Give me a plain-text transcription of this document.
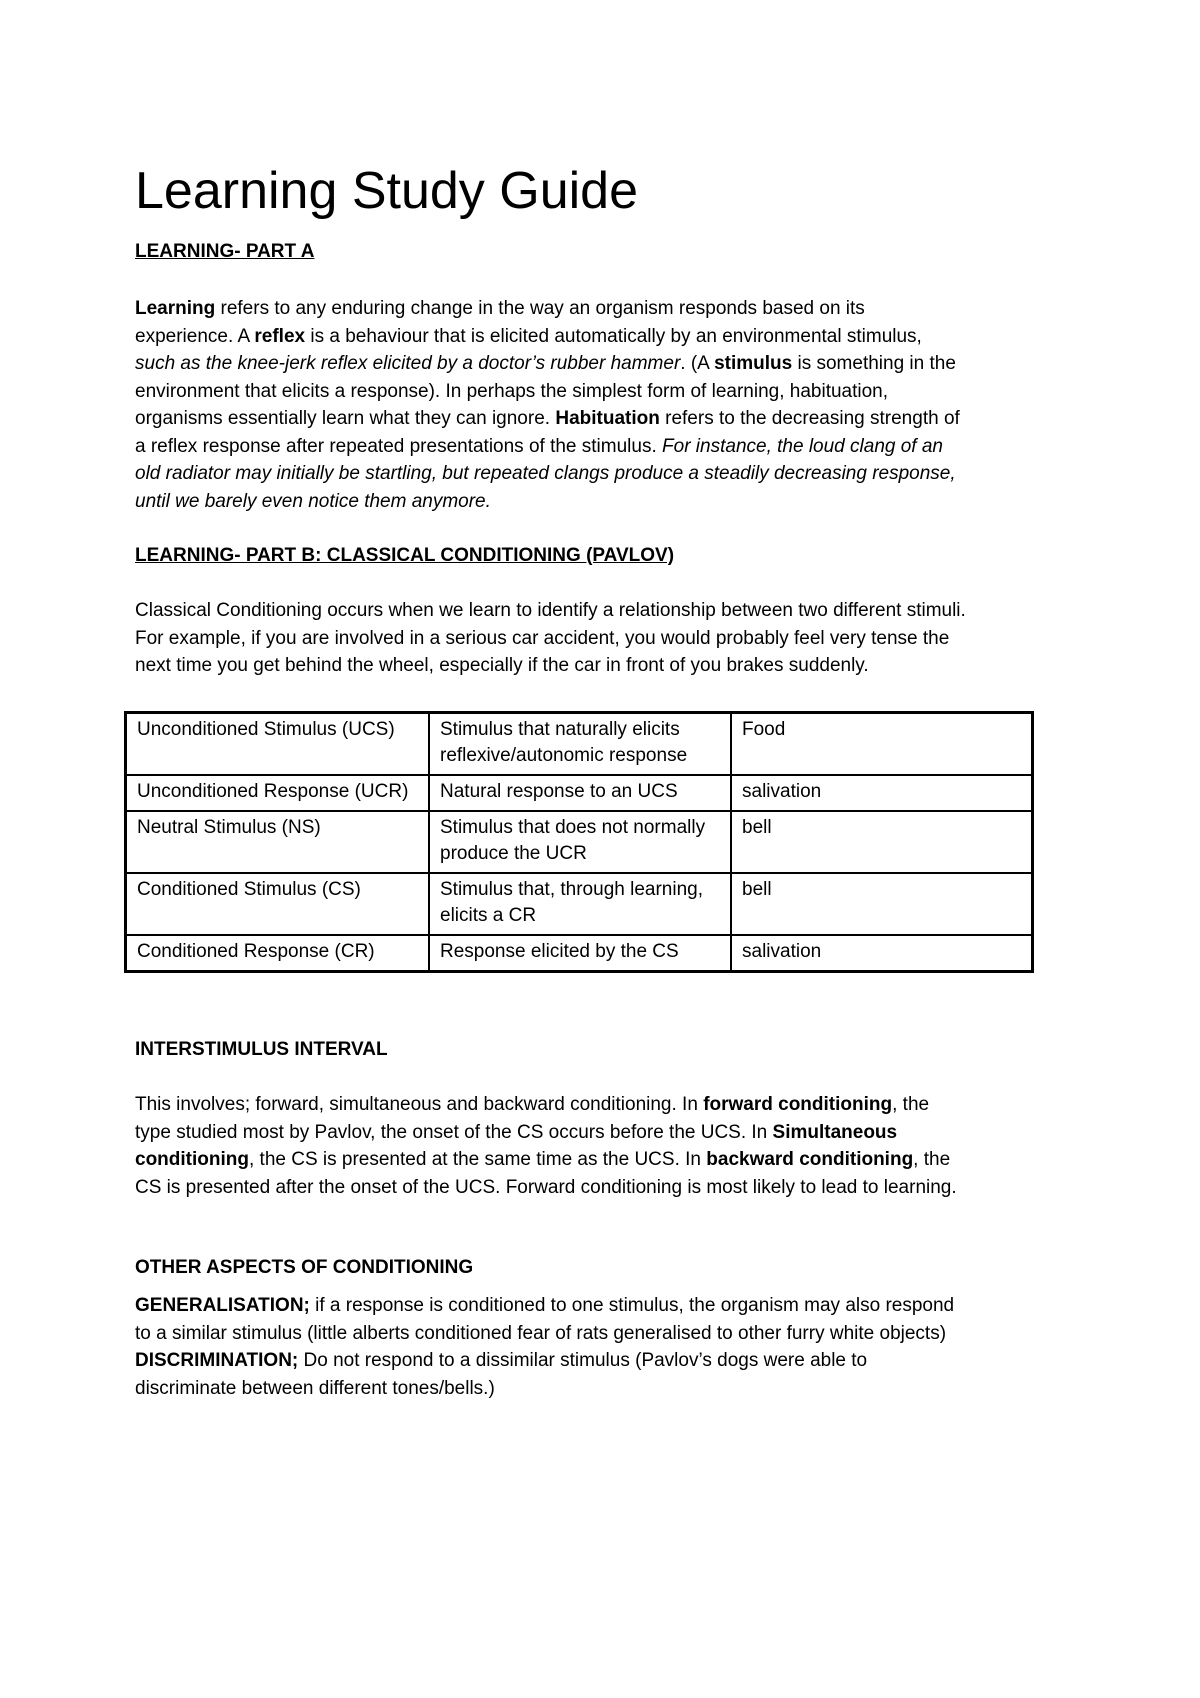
Learning Study Guide
LEARNING- PART A

Learning refers to any enduring change in the way an organism responds based on its experience. A reflex is a behaviour that is elicited automatically by an environmental stimulus, such as the knee-jerk reflex elicited by a doctor’s rubber hammer. (A stimulus is something in the environment that elicits a response). In perhaps the simplest form of learning, habituation, organisms essentially learn what they can ignore. Habituation refers to the decreasing strength of a reflex response after repeated presentations of the stimulus. For instance, the loud clang of an old radiator may initially be startling, but repeated clangs produce a steadily decreasing response, until we barely even notice them anymore.

LEARNING- PART B: CLASSICAL CONDITIONING (PAVLOV)

Classical Conditioning occurs when we learn to identify a relationship between two different stimuli. For example, if you are involved in a serious car accident, you would probably feel very tense the next time you get behind the wheel, especially if the car in front of you brakes suddenly.

Unconditioned Stimulus (UCS)	Stimulus that naturally elicits reflexive/autonomic response	Food
Unconditioned Response (UCR)	Natural response to an UCS	salivation
Neutral Stimulus (NS)	Stimulus that does not normally produce the UCR	bell
Conditioned Stimulus (CS)	Stimulus that, through learning, elicits a CR	bell
Conditioned Response (CR)	Response elicited by the CS	salivation
INTERSTIMULUS INTERVAL

This involves; forward, simultaneous and backward conditioning. In forward conditioning, the type studied most by Pavlov, the onset of the CS occurs before the UCS. In Simultaneous conditioning, the CS is presented at the same time as the UCS. In backward conditioning, the CS is presented after the onset of the UCS. Forward conditioning is most likely to lead to learning.

OTHER ASPECTS OF CONDITIONING
GENERALISATION; if a response is conditioned to one stimulus, the organism may also respond to a similar stimulus (little alberts conditioned fear of rats generalised to other furry white objects)
DISCRIMINATION; Do not respond to a dissimilar stimulus (Pavlov’s dogs were able to discriminate between different tones/bells.)
